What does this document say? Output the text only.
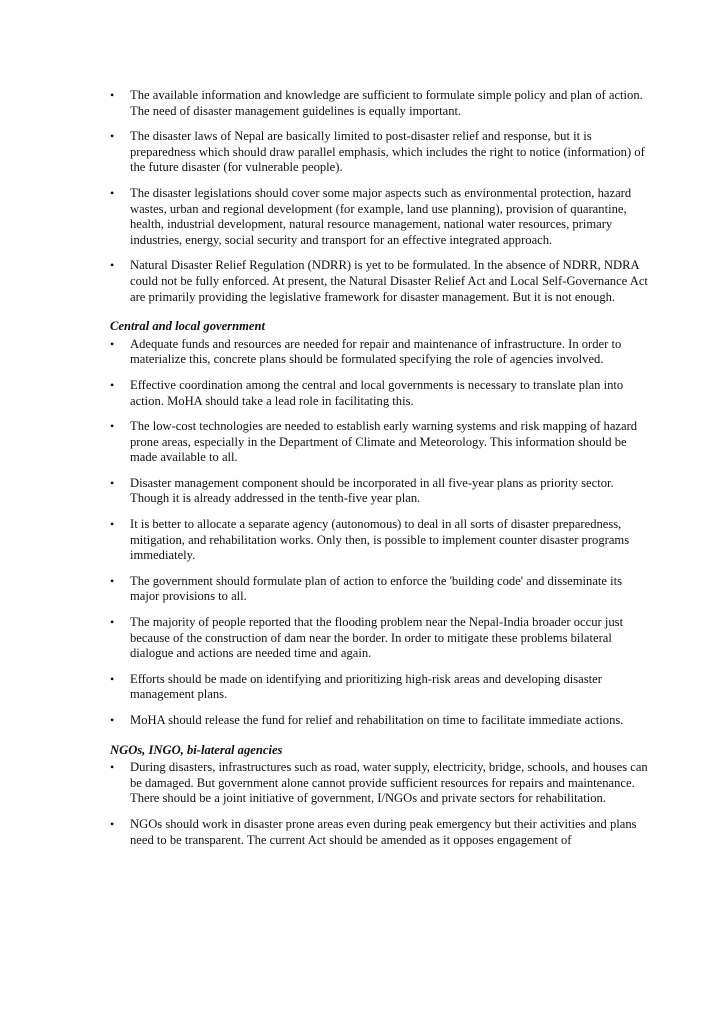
• The available information and knowledge are sufficient to formulate simple policy and plan of action. The need of disaster management guidelines is equally important.
• The disaster laws of Nepal are basically limited to post-disaster relief and response, but it is preparedness which should draw parallel emphasis, which includes the right to notice (information) of the future disaster (for vulnerable people).
• The disaster legislations should cover some major aspects such as environmental protection, hazard wastes, urban and regional development (for example, land use planning), provision of quarantine, health, industrial development, natural resource management, national water resources, primary industries, energy, social security and transport for an effective integrated approach.
• Natural Disaster Relief Regulation (NDRR) is yet to be formulated. In the absence of NDRR, NDRA could not be fully enforced. At present, the Natural Disaster Relief Act and Local Self-Governance Act are primarily providing the legislative framework for disaster management. But it is not enough.
Central and local government
• Adequate funds and resources are needed for repair and maintenance of infrastructure. In order to materialize this, concrete plans should be formulated specifying the role of agencies involved.
• Effective coordination among the central and local governments is necessary to translate plan into action. MoHA should take a lead role in facilitating this.
• The low-cost technologies are needed to establish early warning systems and risk mapping of hazard prone areas, especially in the Department of Climate and Meteorology. This information should be made available to all.
• Disaster management component should be incorporated in all five-year plans as priority sector. Though it is already addressed in the tenth-five year plan.
• It is better to allocate a separate agency (autonomous) to deal in all sorts of disaster preparedness, mitigation, and rehabilitation works. Only then, is possible to implement counter disaster programs immediately.
• The government should formulate plan of action to enforce the 'building code' and disseminate its major provisions to all.
• The majority of people reported that the flooding problem near the Nepal-India broader occur just because of the construction of dam near the border. In order to mitigate these problems bilateral dialogue and actions are needed time and again.
• Efforts should be made on identifying and prioritizing high-risk areas and developing disaster management plans.
• MoHA should release the fund for relief and rehabilitation on time to facilitate immediate actions.
NGOs, INGO, bi-lateral agencies
• During disasters, infrastructures such as road, water supply, electricity, bridge, schools, and houses can be damaged. But government alone cannot provide sufficient resources for repairs and maintenance. There should be a joint initiative of government, I/NGOs and private sectors for rehabilitation.
• NGOs should work in disaster prone areas even during peak emergency but their activities and plans need to be transparent. The current Act should be amended as it opposes engagement of
